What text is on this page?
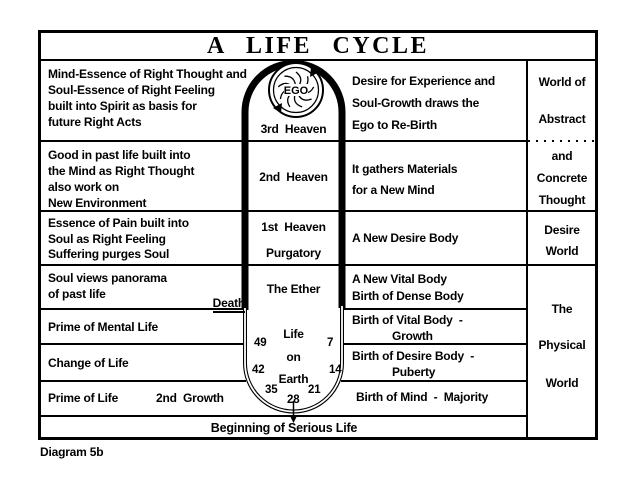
EGO
A LIFE CYCLE
Mind-Essence of Right Thought and
Soul-Essence of Right Feeling
built into Spirit as basis for
future Right Acts
Good in past life built into
the Mind as Right Thought
also work on
New Environment
Essence of Pain built into
Soul as Right Feeling
Suffering purges Soul
Soul views panorama
of past life
Prime of Mental Life
Change of Life
Prime of Life	2nd  Growth
Death
3rd  Heaven
2nd  Heaven
1st  Heaven
Purgatory
The Ether
Life
on
Earth
49
42
35
28
21
14
7
Desire for Experience and
Soul-Growth draws the
Ego to Re-Birth
It gathers Materials
for a New Mind
A New Desire Body
A New Vital Body
Birth of Dense Body
Birth of Vital Body  -
Growth
Birth of Desire Body  -
Puberty
Birth of Mind  -  Majority
World of
Abstract
and
Concrete
Thought
Desire
World
The
Physical
World
Beginning of Serious Life
Diagram 5b
